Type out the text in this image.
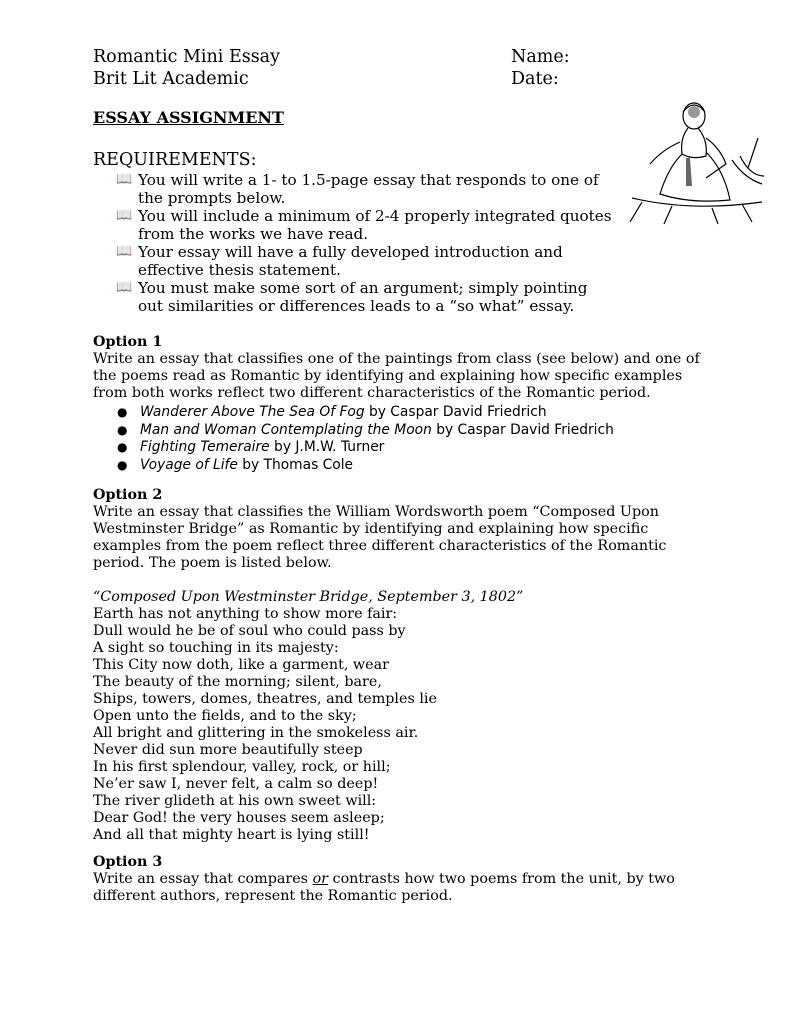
Romantic Mini Essay
Brit Lit Academic
Name:
Date:
ESSAY ASSIGNMENT
REQUIREMENTS:
📖 You will write a 1- to 1.5-page essay that responds to one of the prompts below.
📖 You will include a minimum of 2-4 properly integrated quotes from the works we have read.
📖 Your essay will have a fully developed introduction and effective thesis statement.
📖 You must make some sort of an argument; simply pointing out similarities or differences leads to a “so what” essay.
Option 1

Write an essay that classifies one of the paintings from class (see below) and one of the poems read as Romantic by identifying and explaining how specific examples from both works reflect two different characteristics of the Romantic period.

● Wanderer Above The Sea Of Fog by Caspar David Friedrich
● Man and Woman Contemplating the Moon by Caspar David Friedrich
● Fighting Temeraire by J.M.W. Turner
● Voyage of Life by Thomas Cole
Option 2

Write an essay that classifies the William Wordsworth poem “Composed Upon Westminster Bridge” as Romantic by identifying and explaining how specific examples from the poem reflect three different characteristics of the Romantic period. The poem is listed below.

“Composed Upon Westminster Bridge, September 3, 1802”
Earth has not anything to show more fair:
Dull would he be of soul who could pass by
A sight so touching in its majesty:
This City now doth, like a garment, wear
The beauty of the morning; silent, bare,
Ships, towers, domes, theatres, and temples lie
Open unto the fields, and to the sky;
All bright and glittering in the smokeless air.
Never did sun more beautifully steep
In his first splendour, valley, rock, or hill;
Ne’er saw I, never felt, a calm so deep!
The river glideth at his own sweet will:
Dear God! the very houses seem asleep;
And all that mighty heart is lying still!
Option 3

Write an essay that compares or contrasts how two poems from the unit, by two different authors, represent the Romantic period.
